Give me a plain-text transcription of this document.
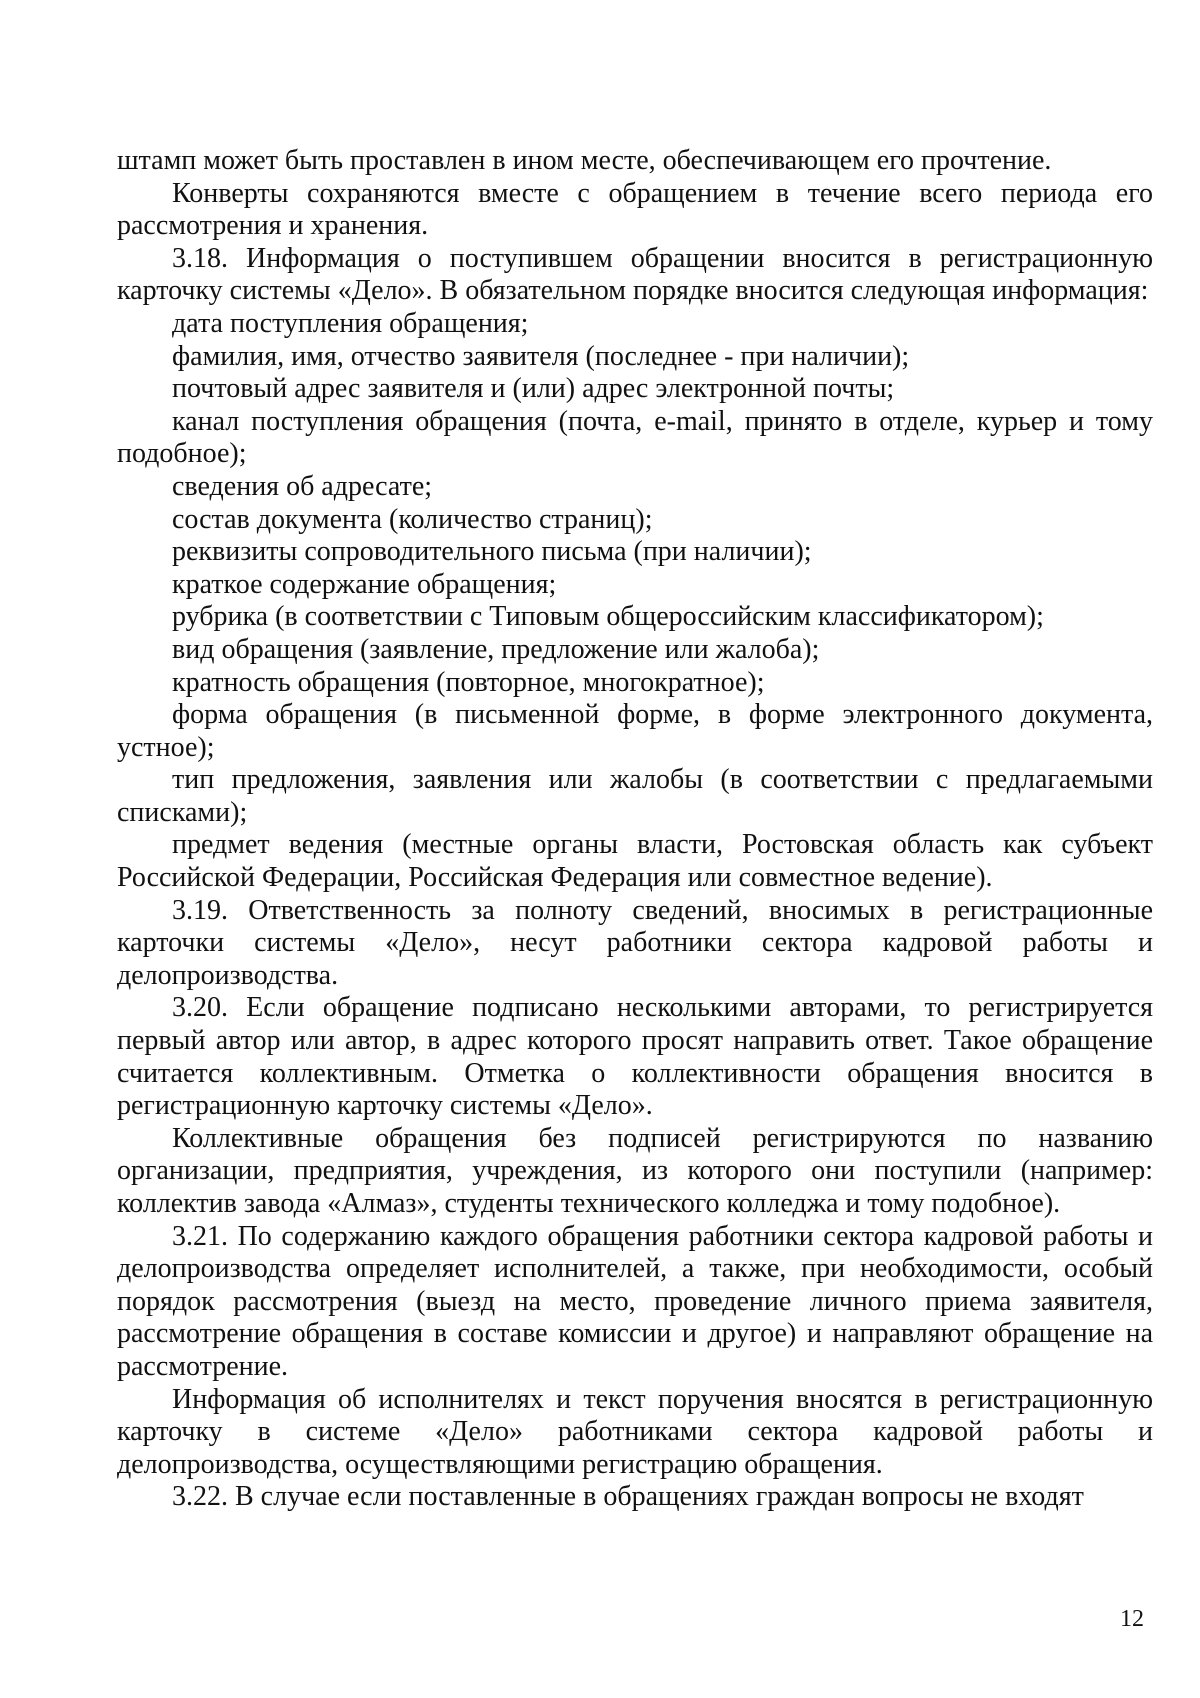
штамп может быть проставлен в ином месте, обеспечивающем его прочтение.

Конверты сохраняются вместе с обращением в течение всего периода его рассмотрения и хранения.

3.18. Информация о поступившем обращении вносится в регистрационную карточку системы «Дело». В обязательном порядке вносится следующая информация:

дата поступления обращения;

фамилия, имя, отчество заявителя (последнее - при наличии);

почтовый адрес заявителя и (или) адрес электронной почты;

канал поступления обращения (почта, e-mail, принято в отделе, курьер и тому подобное);

сведения об адресате;

состав документа (количество страниц);

реквизиты сопроводительного письма (при наличии);

краткое содержание обращения;

рубрика (в соответствии с Типовым общероссийским классификатором);

вид обращения (заявление, предложение или жалоба);

кратность обращения (повторное, многократное);

форма обращения (в письменной форме, в форме электронного документа, устное);

тип предложения, заявления или жалобы (в соответствии с предлагаемыми списками);

предмет ведения (местные органы власти, Ростовская область как субъект Российской Федерации, Российская Федерация или совместное ведение).

3.19. Ответственность за полноту сведений, вносимых в регистрационные карточки системы «Дело», несут работники сектора кадровой работы и делопроизводства.

3.20. Если обращение подписано несколькими авторами, то регистрируется первый автор или автор, в адрес которого просят направить ответ. Такое обращение считается коллективным. Отметка о коллективности обращения вносится в регистрационную карточку системы «Дело».

Коллективные обращения без подписей регистрируются по названию организации, предприятия, учреждения, из которого они поступили (например: коллектив завода «Алмаз», студенты технического колледжа и тому подобное).

3.21. По содержанию каждого обращения работники сектора кадровой работы и делопроизводства определяет исполнителей, а также, при необходимости, особый порядок рассмотрения (выезд на место, проведение личного приема заявителя, рассмотрение обращения в составе комиссии и другое) и направляют обращение на рассмотрение.

Информация об исполнителях и текст поручения вносятся в регистрационную карточку в системе «Дело» работниками сектора кадровой работы и делопроизводства, осуществляющими регистрацию обращения.

3.22. В случае если поставленные в обращениях граждан вопросы не входят

12
